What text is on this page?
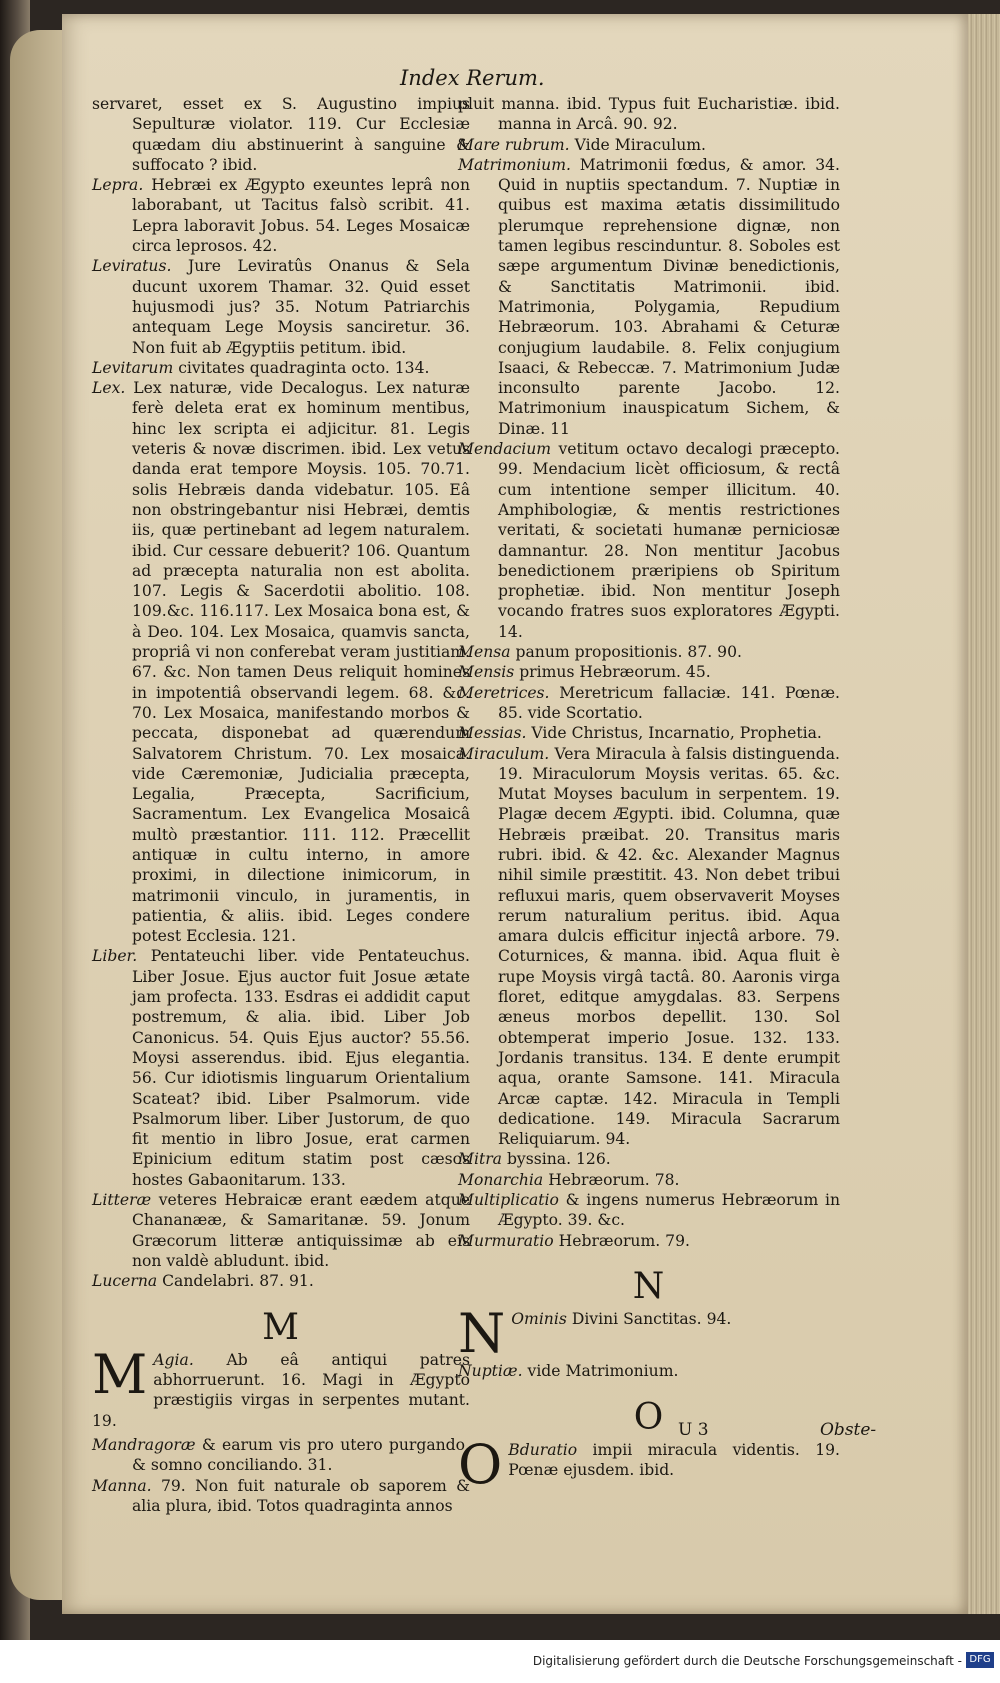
Index Rerum.

servaret, esset ex S. Augustino impius Sepulturæ violator. 119. Cur Ecclesiæ quædam diu abstinuerint à sanguine & suffocato ? ibid.

Lepra. Hebræi ex Ægypto exeuntes leprâ non laborabant, ut Tacitus falsò scribit. 41. Lepra laboravit Jobus. 54. Leges Mosaicæ circa leprosos. 42.

Leviratus. Jure Leviratûs Onanus & Sela ducunt uxorem Thamar. 32. Quid esset hujusmodi jus? 35. Notum Patriarchis antequam Lege Moysis sanciretur. 36. Non fuit ab Ægyptiis petitum. ibid.

Levitarum civitates quadraginta octo. 134.

Lex. Lex naturæ, vide Decalogus. Lex naturæ ferè deleta erat ex hominum mentibus, hinc lex scripta ei adjicitur. 81. Legis veteris & novæ discrimen. ibid. Lex vetus danda erat tempore Moysis. 105. 70.71. solis Hebræis danda videbatur. 105. Eâ non obstringebantur nisi Hebræi, demtis iis, quæ pertinebant ad legem naturalem. ibid. Cur cessare debuerit? 106. Quantum ad præcepta naturalia non est abolita. 107. Legis & Sacerdotii abolitio. 108. 109.&c. 116.117. Lex Mosaica bona est, & à Deo. 104. Lex Mosaica, quamvis sancta, propriâ vi non conferebat veram justitiam. 67. &c. Non tamen Deus reliquit homines in impotentiâ observandi legem. 68. &c. 70. Lex Mosaica, manifestando morbos & peccata, disponebat ad quærendum Salvatorem Christum. 70. Lex mosaica. vide Cæremoniæ, Judicialia præcepta, Legalia, Præcepta, Sacrificium, Sacramentum. Lex Evangelica Mosaicâ multò præstantior. 111. 112. Præcellit antiquæ in cultu interno, in amore proximi, in dilectione inimicorum, in matrimonii vinculo, in juramentis, in patientia, & aliis. ibid. Leges condere potest Ecclesia. 121.

Liber. Pentateuchi liber. vide Pentateuchus. Liber Josue. Ejus auctor fuit Josue ætate jam profecta. 133. Esdras ei addidit caput postremum, & alia. ibid. Liber Job Canonicus. 54. Quis Ejus auctor? 55.56. Moysi asserendus. ibid. Ejus elegantia. 56. Cur idiotismis linguarum Orientalium Scateat? ibid. Liber Psalmorum. vide Psalmorum liber. Liber Justorum, de quo fit mentio in libro Josue, erat carmen Epinicium editum statim post cæsos hostes Gabaonitarum. 133.

Litteræ veteres Hebraicæ erant eædem atque Chananææ, & Samaritanæ. 59. Jonum Græcorum litteræ antiquissimæ ab eis non valdè abludunt. ibid.

Lucerna Candelabri. 87. 91.

M

M Agia. Ab eâ antiqui patres abhorruerunt. 16. Magi in Ægypto præstigiis virgas in serpentes mutant. 19.

Mandragoræ & earum vis pro utero purgando, & somno conciliando. 31.

Manna. 79. Non fuit naturale ob saporem & alia plura, ibid. Totos quadraginta annos

pluit manna. ibid. Typus fuit Eucharistiæ. ibid. manna in Arcâ. 90. 92.

Mare rubrum. Vide Miraculum.

Matrimonium. Matrimonii fœdus, & amor. 34. Quid in nuptiis spectandum. 7. Nuptiæ in quibus est maxima ætatis dissimilitudo plerumque reprehensione dignæ, non tamen legibus rescinduntur. 8. Soboles est sæpe argumentum Divinæ benedictionis, & Sanctitatis Matrimonii. ibid. Matrimonia, Polygamia, Repudium Hebræorum. 103. Abrahami & Ceturæ conjugium laudabile. 8. Felix conjugium Isaaci, & Rebeccæ. 7. Matrimonium Judæ inconsulto parente Jacobo. 12. Matrimonium inauspicatum Sichem, & Dinæ. 11

Mendacium vetitum octavo decalogi præcepto. 99. Mendacium licèt officiosum, & rectâ cum intentione semper illicitum. 40. Amphibologiæ, & mentis restrictiones veritati, & societati humanæ perniciosæ damnantur. 28. Non mentitur Jacobus benedictionem præripiens ob Spiritum prophetiæ. ibid. Non mentitur Joseph vocando fratres suos exploratores Ægypti. 14.

Mensa panum propositionis. 87. 90.

Mensis primus Hebræorum. 45.

Meretrices. Meretricum fallaciæ. 141. Pœnæ. 85. vide Scortatio.

Messias. Vide Christus, Incarnatio, Prophetia.

Miraculum. Vera Miracula à falsis distinguenda. 19. Miraculorum Moysis veritas. 65. &c. Mutat Moyses baculum in serpentem. 19. Plagæ decem Ægypti. ibid. Columna, quæ Hebræis præibat. 20. Transitus maris rubri. ibid. & 42. &c. Alexander Magnus nihil simile præstitit. 43. Non debet tribui refluxui maris, quem observaverit Moyses rerum naturalium peritus. ibid. Aqua amara dulcis efficitur injectâ arbore. 79. Coturnices, & manna. ibid. Aqua fluit è rupe Moysis virgâ tactâ. 80. Aaronis virga floret, editque amygdalas. 83. Serpens æneus morbos depellit. 130. Sol obtemperat imperio Josue. 132. 133. Jordanis transitus. 134. E dente erumpit aqua, orante Samsone. 141. Miracula Arcæ captæ. 142. Miracula in Templi dedicatione. 149. Miracula Sacrarum Reliquiarum. 94.

Mitra byssina. 126.

Monarchia Hebræorum. 78.

Multiplicatio & ingens numerus Hebræorum in Ægypto. 39. &c.

Murmuratio Hebræorum. 79.

N

N Ominis Divini Sanctitas. 94.

Nuptiæ. vide Matrimonium.

O

O Bduratio impii miracula videntis. 19. Pœnæ ejusdem. ibid.

U 3	Obste-
Digitalisierung gefördert durch die Deutsche Forschungsgemeinschaft - DFG
